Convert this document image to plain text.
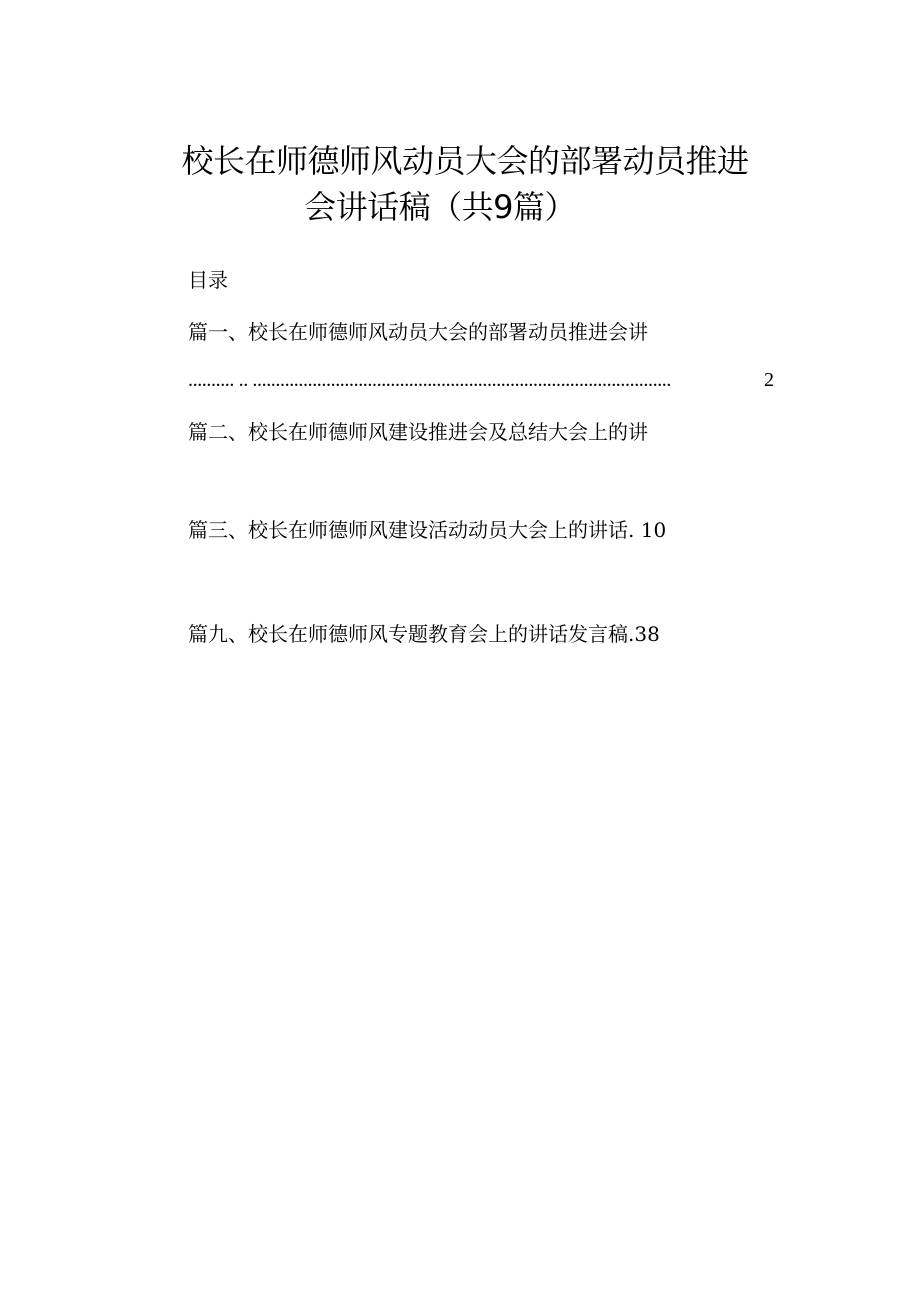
校长在师德师风动员大会的部署动员推进
会讲话稿（共9篇）
目录
篇一、校长在师德师风动员大会的部署动员推进会讲
.......... .. ...........................................................................................	2
篇二、校长在师德师风建设推进会及总结大会上的讲
篇三、校长在师德师风建设活动动员大会上的讲话. 10
篇九、校长在师德师风专题教育会上的讲话发言稿.38
